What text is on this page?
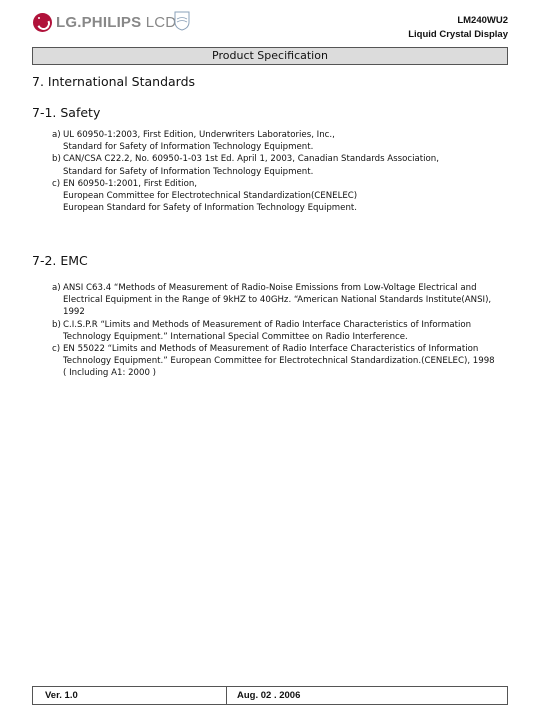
LG.PHILIPS LCD	LM240WU2
Liquid Crystal Display
Product Specification
7. International Standards
7-1. Safety
a) UL 60950-1:2003, First Edition, Underwriters Laboratories, Inc.,
Standard for Safety of Information Technology Equipment.
b) CAN/CSA C22.2, No. 60950-1-03 1st Ed. April 1, 2003, Canadian Standards Association,
Standard for Safety of Information Technology Equipment.
c) EN 60950-1:2001, First Edition,
European Committee for Electrotechnical Standardization(CENELEC)
European Standard for Safety of Information Technology Equipment.
7-2. EMC
a) ANSI C63.4 “Methods of Measurement of Radio-Noise Emissions from Low-Voltage Electrical and
Electrical Equipment in the Range of 9kHZ to 40GHz. “American National Standards Institute(ANSI),
1992
b) C.I.S.P.R “Limits and Methods of Measurement of Radio Interface Characteristics of Information
Technology Equipment.” International Special Committee on Radio Interference.
c) EN 55022 “Limits and Methods of Measurement of Radio Interface Characteristics of Information
Technology Equipment.” European Committee for Electrotechnical Standardization.(CENELEC), 1998
( Including A1: 2000 )
Ver. 1.0	Aug. 02 . 2006
